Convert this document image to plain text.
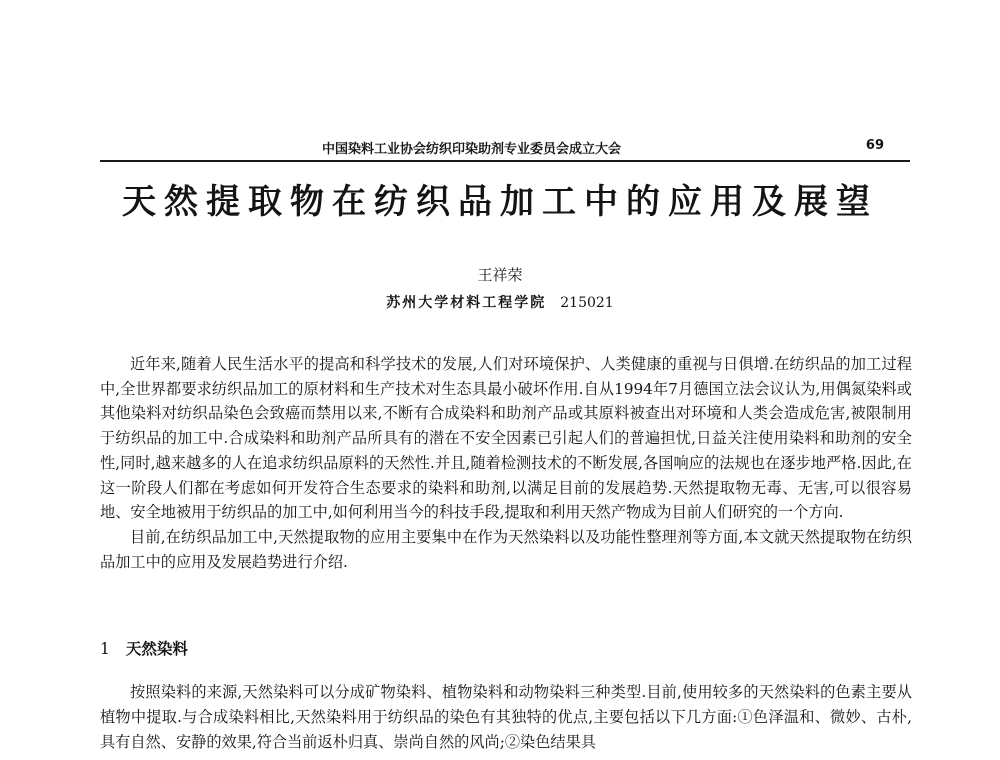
中国染料工业协会纺织印染助剂专业委员会成立大会	69
天然提取物在纺织品加工中的应用及展望
王祥荣
苏州大学材料工程学院 215021

近年来,随着人民生活水平的提高和科学技术的发展,人们对环境保护、人类健康的重视与日俱增.在纺织品的加工过程中,全世界都要求纺织品加工的原材料和生产技术对生态具最小破坏作用.自从1994年7月德国立法会议认为,用偶氮染料或其他染料对纺织品染色会致癌而禁用以来,不断有合成染料和助剂产品或其原料被查出对环境和人类会造成危害,被限制用于纺织品的加工中.合成染料和助剂产品所具有的潜在不安全因素已引起人们的普遍担忧,日益关注使用染料和助剂的安全性,同时,越来越多的人在追求纺织品原料的天然性.并且,随着检测技术的不断发展,各国响应的法规也在逐步地严格.因此,在这一阶段人们都在考虑如何开发符合生态要求的染料和助剂,以满足目前的发展趋势.天然提取物无毒、无害,可以很容易地、安全地被用于纺织品的加工中,如何利用当今的科技手段,提取和利用天然产物成为目前人们研究的一个方向.

目前,在纺织品加工中,天然提取物的应用主要集中在作为天然染料以及功能性整理剂等方面,本文就天然提取物在纺织品加工中的应用及发展趋势进行介绍.

1 天然染料

按照染料的来源,天然染料可以分成矿物染料、植物染料和动物染料三种类型.目前,使用较多的天然染料的色素主要从植物中提取.与合成染料相比,天然染料用于纺织品的染色有其独特的优点,主要包括以下几方面:①色泽温和、微妙、古朴,具有自然、安静的效果,符合当前返朴归真、崇尚自然的风尚;②染色结果具
